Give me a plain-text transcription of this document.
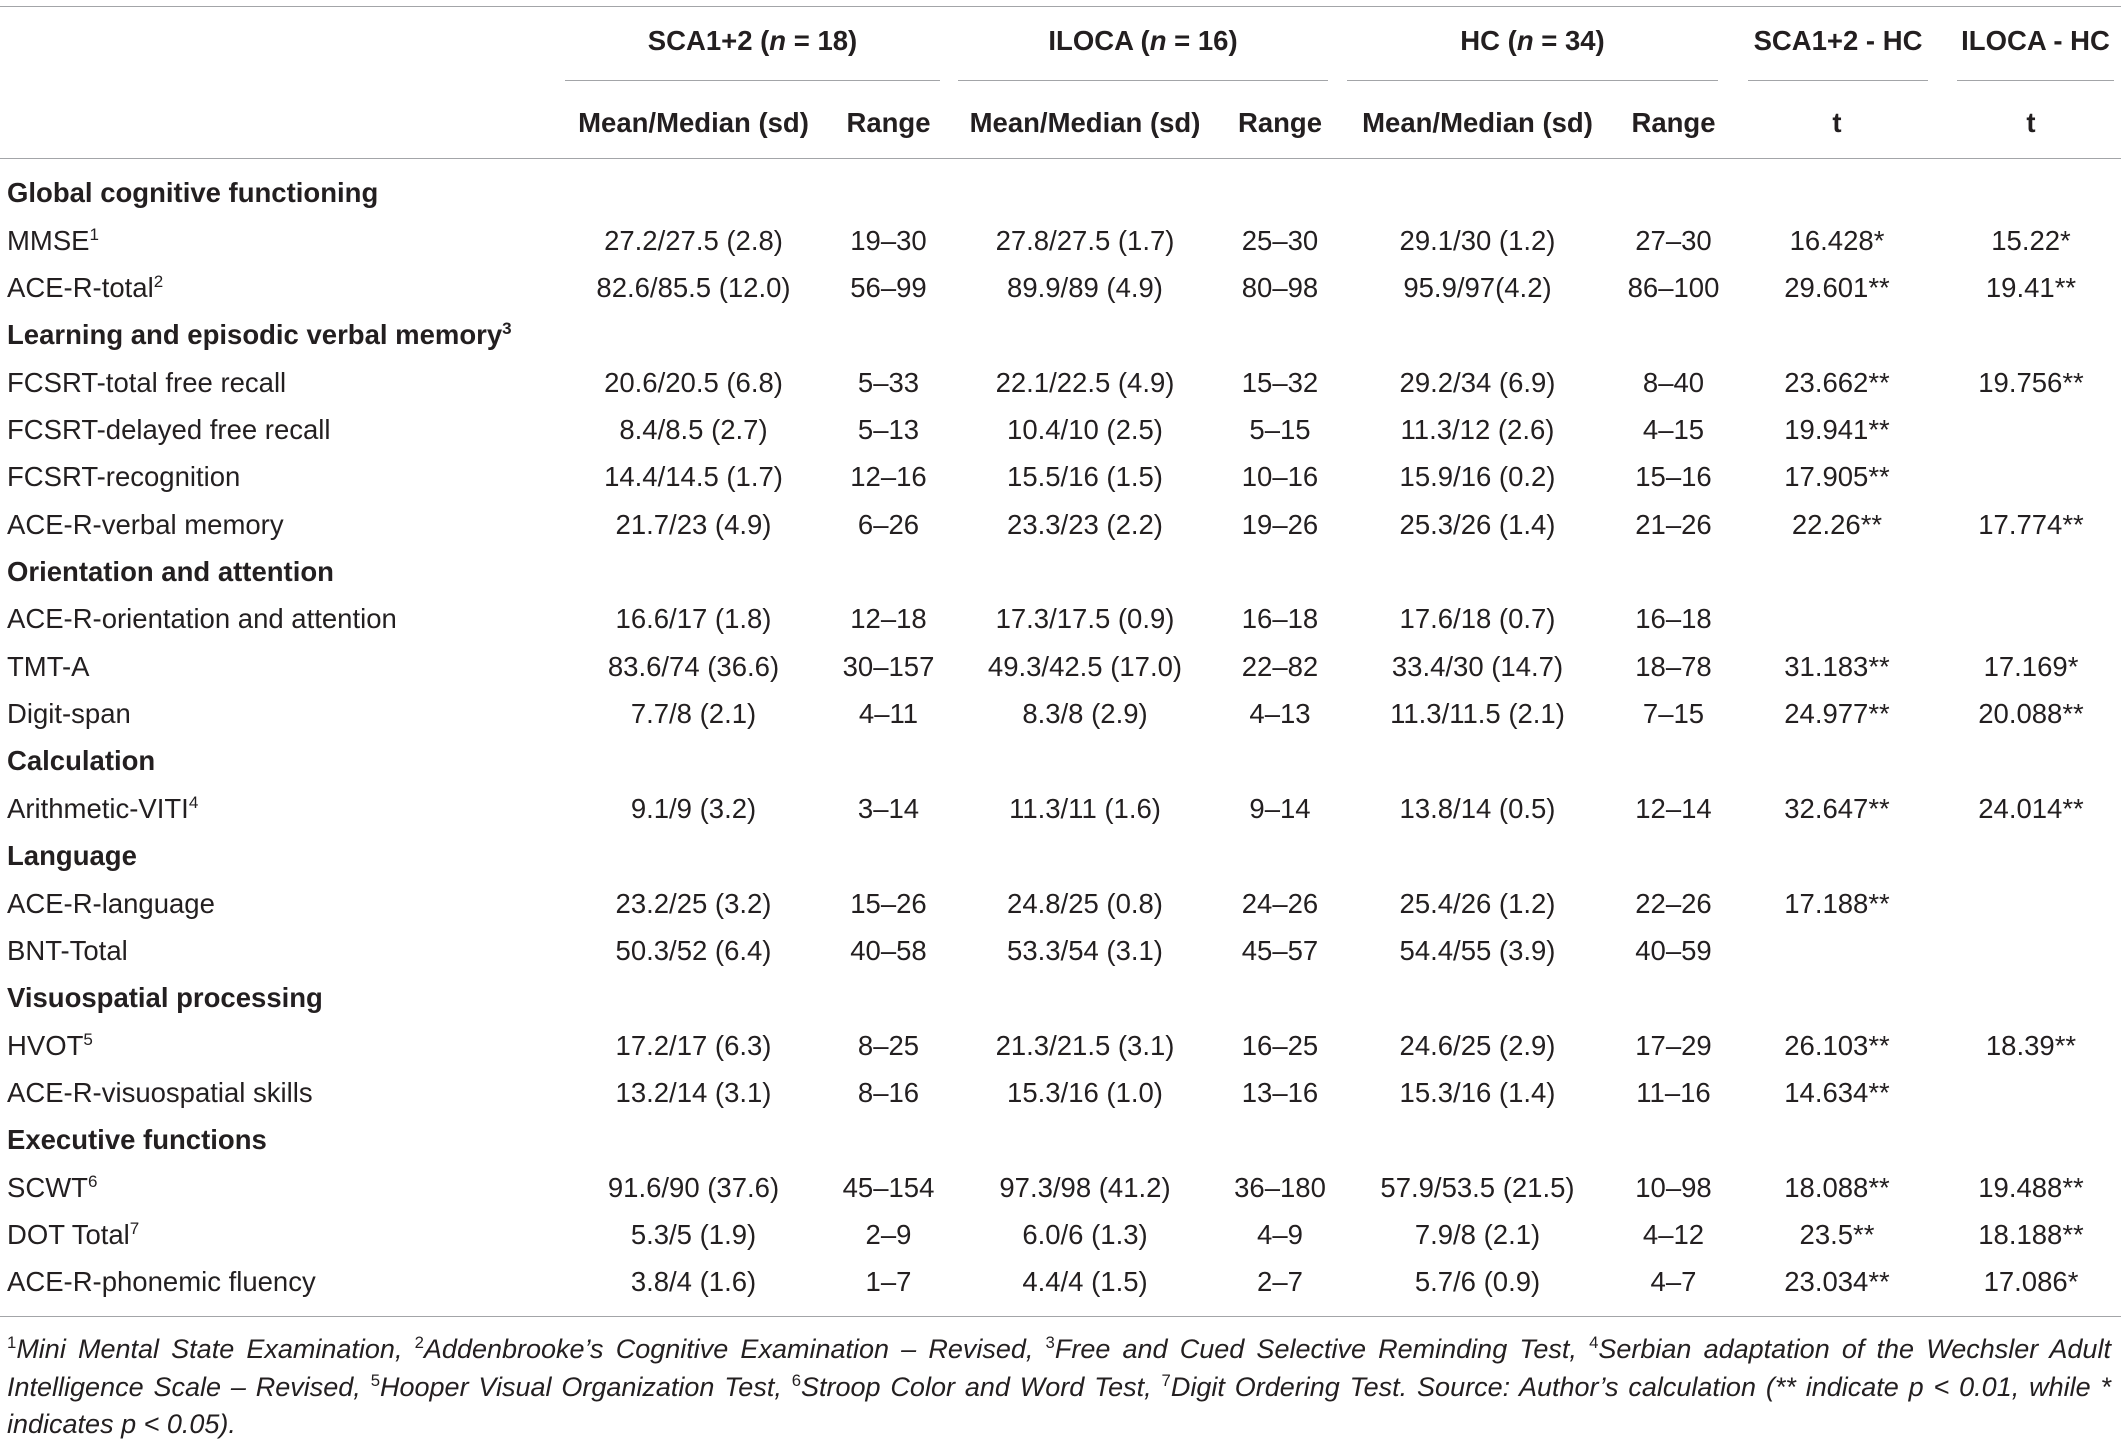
SCA1+2 (n = 18)	ILOCA (n = 16)	HC (n = 34)	SCA1+2 - HC ILOCA - HC
Mean/Median (sd)	Range	Mean/Median (sd)	Range	Mean/Median (sd)	Range	t	t
Global cognitive functioning
MMSE$^1$	27.2/27.5 (2.8)	19–30	27.8/27.5 (1.7)	25–30	29.1/30 (1.2)	27–30	16.428*	15.22*
ACE-R-total$^2$	82.6/85.5 (12.0)	56–99	89.9/89 (4.9)	80–98	95.9/97(4.2)	86–100	29.601**	19.41**
Learning and episodic verbal memory$^3$
FCSRT-total free recall	20.6/20.5 (6.8)	5–33	22.1/22.5 (4.9)	15–32	29.2/34 (6.9)	8–40	23.662**	19.756**
FCSRT-delayed free recall	8.4/8.5 (2.7)	5–13	10.4/10 (2.5)	5–15	11.3/12 (2.6)	4–15	19.941**
FCSRT-recognition	14.4/14.5 (1.7)	12–16	15.5/16 (1.5)	10–16	15.9/16 (0.2)	15–16	17.905**
ACE-R-verbal memory	21.7/23 (4.9)	6–26	23.3/23 (2.2)	19–26	25.3/26 (1.4)	21–26	22.26**	17.774**
Orientation and attention
ACE-R-orientation and attention	16.6/17 (1.8)	12–18	17.3/17.5 (0.9)	16–18	17.6/18 (0.7)	16–18
TMT-A	83.6/74 (36.6)	30–157	49.3/42.5 (17.0)	22–82	33.4/30 (14.7)	18–78	31.183**	17.169*
Digit-span	7.7/8 (2.1)	4–11	8.3/8 (2.9)	4–13	11.3/11.5 (2.1)	7–15	24.977**	20.088**
Calculation
Arithmetic-VITI$^4$	9.1/9 (3.2)	3–14	11.3/11 (1.6)	9–14	13.8/14 (0.5)	12–14	32.647**	24.014**
Language
ACE-R-language	23.2/25 (3.2)	15–26	24.8/25 (0.8)	24–26	25.4/26 (1.2)	22–26	17.188**
BNT-Total	50.3/52 (6.4)	40–58	53.3/54 (3.1)	45–57	54.4/55 (3.9)	40–59
Visuospatial processing
HVOT$^5$	17.2/17 (6.3)	8–25	21.3/21.5 (3.1)	16–25	24.6/25 (2.9)	17–29	26.103**	18.39**
ACE-R-visuospatial skills	13.2/14 (3.1)	8–16	15.3/16 (1.0)	13–16	15.3/16 (1.4)	11–16	14.634**
Executive functions
SCWT$^6$	91.6/90 (37.6)	45–154	97.3/98 (41.2)	36–180	57.9/53.5 (21.5)	10–98	18.088**	19.488**
DOT Total$^7$	5.3/5 (1.9)	2–9	6.0/6 (1.3)	4–9	7.9/8 (2.1)	4–12	23.5**	18.188**
ACE-R-phonemic fluency	3.8/4 (1.6)	1–7	4.4/4 (1.5)	2–7	5.7/6 (0.9)	4–7	23.034**	17.086*

$^1$Mini Mental State Examination, $^2$Addenbrooke’s Cognitive Examination – Revised, $^3$Free and Cued Selective Reminding Test, $^4$Serbian adaptation of the Wechsler Adult Intelligence Scale – Revised, $^5$Hooper Visual Organization Test, $^6$Stroop Color and Word Test, $^7$Digit Ordering Test. Source: Author’s calculation (** indicate p < 0.01, while * indicates p < 0.05).
